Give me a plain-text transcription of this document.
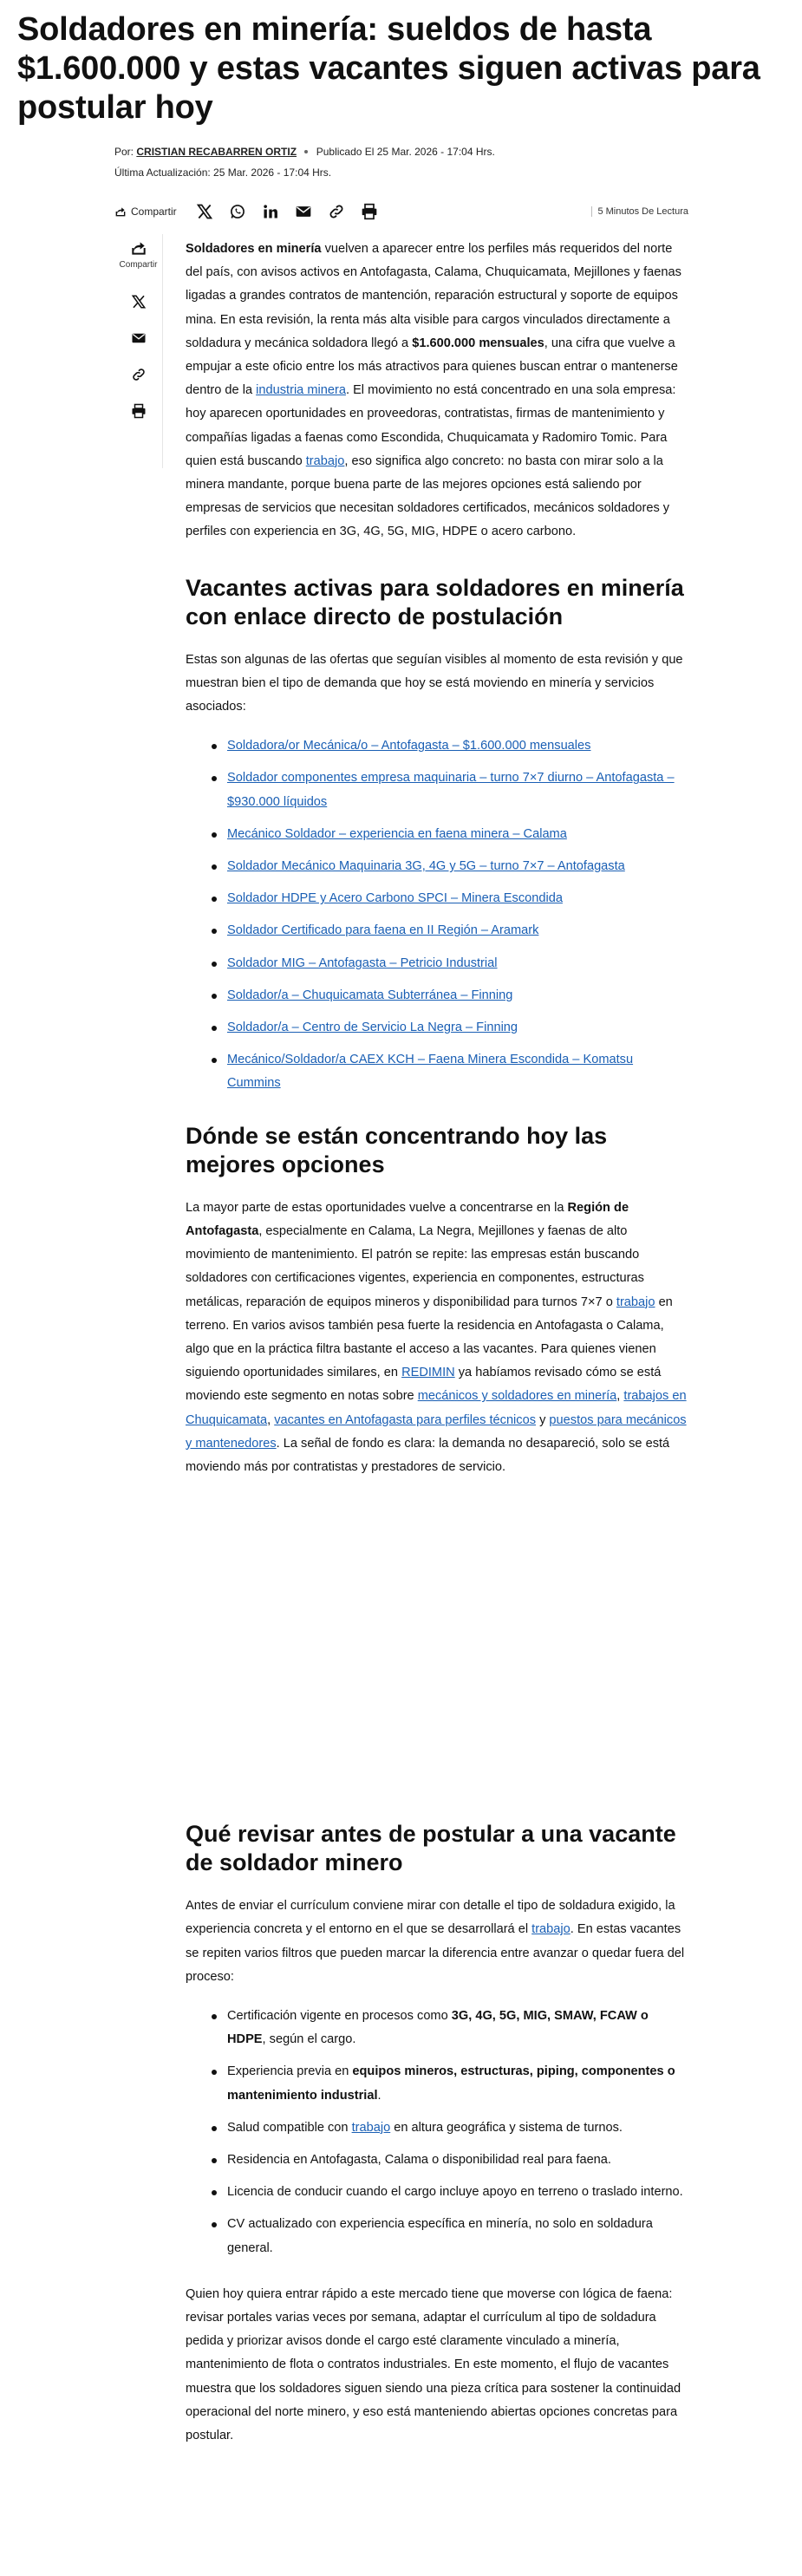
Soldadores en minería: sueldos de hasta $1.600.000 y estas vacantes siguen activas para postular hoy
Por: CRISTIAN RECABARREN ORTIZ Publicado El 25 Mar. 2026 - 17:04 Hrs.
Última Actualización: 25 Mar. 2026 - 17:04 Hrs.
Compartir	5 Minutos De Lectura
Compartir

Soldadores en minería vuelven a aparecer entre los perfiles más requeridos del norte del país, con avisos activos en Antofagasta, Calama, Chuquicamata, Mejillones y faenas ligadas a grandes contratos de mantención, reparación estructural y soporte de equipos mina. En esta revisión, la renta más alta visible para cargos vinculados directamente a soldadura y mecánica soldadora llegó a $1.600.000 mensuales, una cifra que vuelve a empujar a este oficio entre los más atractivos para quienes buscan entrar o mantenerse dentro de la industria minera. El movimiento no está concentrado en una sola empresa: hoy aparecen oportunidades en proveedoras, contratistas, firmas de mantenimiento y compañías ligadas a faenas como Escondida, Chuquicamata y Radomiro Tomic. Para quien está buscando trabajo, eso significa algo concreto: no basta con mirar solo a la minera mandante, porque buena parte de las mejores opciones está saliendo por empresas de servicios que necesitan soldadores certificados, mecánicos soldadores y perfiles con experiencia en 3G, 4G, 5G, MIG, HDPE o acero carbono.

Vacantes activas para soldadores en minería con enlace directo de postulación

Estas son algunas de las ofertas que seguían visibles al momento de esta revisión y que muestran bien el tipo de demanda que hoy se está moviendo en minería y servicios asociados:

Soldadora/or Mecánica/o – Antofagasta – $1.600.000 mensuales
Soldador componentes empresa maquinaria – turno 7×7 diurno – Antofagasta – $930.000 líquidos
Mecánico Soldador – experiencia en faena minera – Calama
Soldador Mecánico Maquinaria 3G, 4G y 5G – turno 7×7 – Antofagasta
Soldador HDPE y Acero Carbono SPCI – Minera Escondida
Soldador Certificado para faena en II Región – Aramark
Soldador MIG – Antofagasta – Petricio Industrial
Soldador/a – Chuquicamata Subterránea – Finning
Soldador/a – Centro de Servicio La Negra – Finning
Mecánico/Soldador/a CAEX KCH – Faena Minera Escondida – Komatsu Cummins
Dónde se están concentrando hoy las mejores opciones

La mayor parte de estas oportunidades vuelve a concentrarse en la Región de Antofagasta, especialmente en Calama, La Negra, Mejillones y faenas de alto movimiento de mantenimiento. El patrón se repite: las empresas están buscando soldadores con certificaciones vigentes, experiencia en componentes, estructuras metálicas, reparación de equipos mineros y disponibilidad para turnos 7×7 o trabajo en terreno. En varios avisos también pesa fuerte la residencia en Antofagasta o Calama, algo que en la práctica filtra bastante el acceso a las vacantes. Para quienes vienen siguiendo oportunidades similares, en REDIMIN ya habíamos revisado cómo se está moviendo este segmento en notas sobre mecánicos y soldadores en minería, trabajos en Chuquicamata, vacantes en Antofagasta para perfiles técnicos y puestos para mecánicos y mantenedores. La señal de fondo es clara: la demanda no desapareció, solo se está moviendo más por contratistas y prestadores de servicio.

Qué revisar antes de postular a una vacante de soldador minero

Antes de enviar el currículum conviene mirar con detalle el tipo de soldadura exigido, la experiencia concreta y el entorno en el que se desarrollará el trabajo. En estas vacantes se repiten varios filtros que pueden marcar la diferencia entre avanzar o quedar fuera del proceso:

Certificación vigente en procesos como 3G, 4G, 5G, MIG, SMAW, FCAW o HDPE, según el cargo.
Experiencia previa en equipos mineros, estructuras, piping, componentes o mantenimiento industrial.
Salud compatible con trabajo en altura geográfica y sistema de turnos.
Residencia en Antofagasta, Calama o disponibilidad real para faena.
Licencia de conducir cuando el cargo incluye apoyo en terreno o traslado interno.
CV actualizado con experiencia específica en minería, no solo en soldadura general.

Quien hoy quiera entrar rápido a este mercado tiene que moverse con lógica de faena: revisar portales varias veces por semana, adaptar el currículum al tipo de soldadura pedida y priorizar avisos donde el cargo esté claramente vinculado a minería, mantenimiento de flota o contratos industriales. En este momento, el flujo de vacantes muestra que los soldadores siguen siendo una pieza crítica para sostener la continuidad operacional del norte minero, y eso está manteniendo abiertas opciones concretas para postular.
